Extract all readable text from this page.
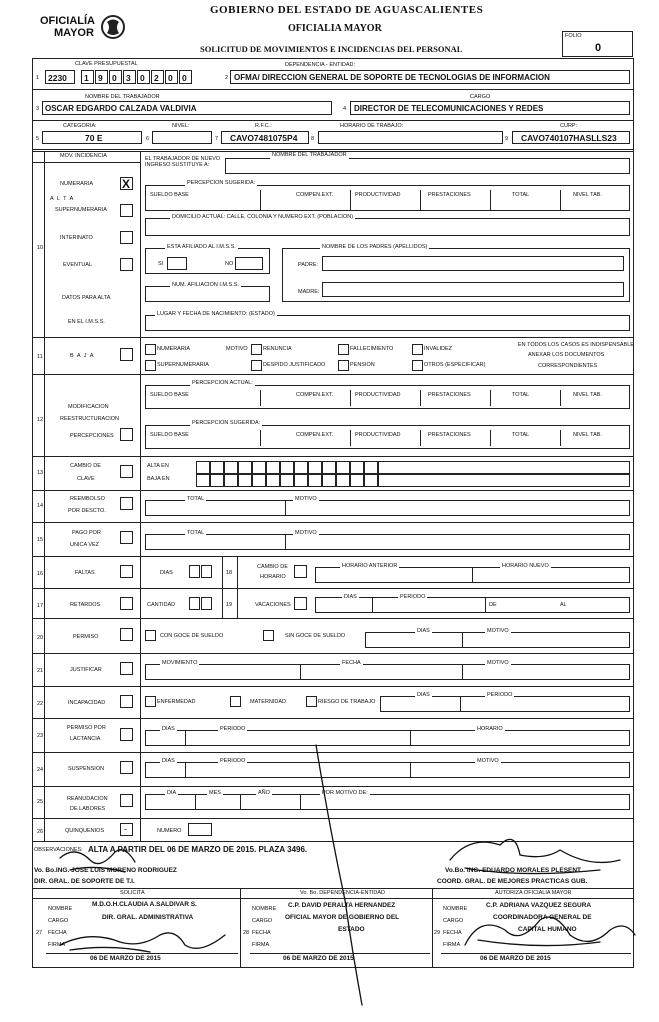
OFICIALÍA
MAYOR
GOBIERNO DEL ESTADO DE AGUASCALIENTES
OFICIALIA MAYOR
SOLICITUD DE MOVIMIENTOS E INCIDENCIAS DEL PERSONAL
FOLIO
0
1
CLAVE PRESUPUESTAL
2230 1 9 0 3 0 2 0 0	2
DEPENDENCIA - ENTIDAD:
OFMA/ DIRECCION GENERAL DE SOPORTE DE TECNOLOGIAS DE INFORMACION
3
NOMBRE DEL TRABAJADOR
OSCAR EDGARDO CALZADA VALDIVIA	4
CARGO
DIRECTOR DE TELECOMUNICACIONES Y REDES
5
CATEGORIA:
70 E	6
NIVEL:
7
R.F.C.:
CAVO7481075P4 8
HORARIO DE TRABAJO:
9
CURP:
CAVO740107HASLLS23
MOV. INCIDENCIA
10
NUMERARIA X
A L T A
SUPERNUMERARIA
INTERINATO
EVENTUAL
DATOS PARA ALTA
EN EL I.M.S.S.
EL TRABAJADOR DE NUEVO INGRESO SUSTITUYE A:
NOMBRE DEL TRABAJADOR
PERCEPCION SUGERIDA:
SUELDO BASE	COMPEN.EXT.	PRODUCTIVIDAD	PRESTACIONES	TOTAL	NIVEL TAB.
DOMICILIO ACTUAL: CALLE, COLONIA Y NUMERO EXT. (POBLACION)
ESTA AFILIADO AL I.M.S.S.
SI	NO
NOMBRE DE LOS PADRES (APELLIDOS)
PADRE:
MADRE:
NUM. AFILIACION I.M.S.S.
LUGAR Y FECHA DE NACIMIENTO: (ESTADO)
11	B A J A
NUMERARIA	MOTIVO	RENUNCIA	FALLECIMIENTO	INVALIDEZ
SUPERNUMERARIA	DESPIDO JUSTIFICADO	PENSION	OTROS (ESPECIFICAR)
EN TODOS LOS CASOS ES INDISPENSABLE
ANEXAR LOS DOCUMENTOS
CORRESPONDIENTES
12
MODIFICACION
REESTRUCTURACION
PERCEPCIONES
PERCEPCION ACTUAL:
PERCEPCION SUGERIDA:
SUELDO BASE	COMPEN.EXT.	PRODUCTIVIDAD	PRESTACIONES	TOTAL	NIVEL TAB.
SUELDO BASE	COMPEN.EXT.	PRODUCTIVIDAD	PRESTACIONES	TOTAL	NIVEL TAB.
13
CAMBIO DE
CLAVE
ALTA EN
BAJA EN
14
REEMBOLSO
POR DESCTO.
TOTAL	MOTIVO
15
PAGO POR
UNICA VEZ
TOTAL	MOTIVO
16	FALTAS	DIAS	18
CAMBIO DE
HORARIO
HORARIO ANTERIOR	HORARIO NUEVO
17	RETARDOS	CANTIDAD	19	VACACIONES
DIAS	PERIODO
DE	AL
20	PERMISO	CON GOCE DE SUELDO	SIN GOCE DE SUELDO
DIAS	MOTIVO
21	JUSTIFICAR
MOVIMIENTO	FECHA	MOTIVO
22	INCAPACIDAD	ENFERMEDAD	MATERNIDAD	RIESGO DE TRABAJO
DIAS	PERIODO
23
PERMISO POR
LACTANCIA
DIAS	PERIODO	HORARIO
24	SUSPENSION
DIAS	PERIODO	MOTIVO
25	REANUDACION
DE LABORES
DIA	MES	AÑO	POR MOTIVO DE:
26	QUINQUENIOS -	NUMERO
OBSERVACIONES: ALTA A PARTIR DEL 06 DE MARZO DE 2015. PLAZA 3496.
Vo. Bo.ING. JOSE LUIS MORENO RODRIGUEZ
DIR. GRAL. DE SOPORTE DE T.I.
Vo.Bo. ING. EDUARDO MORALES PLESENT
COORD. GRAL. DE MEJORES PRACTICAS GUB.
SOLICITA
NOMBRE
M.D.O.H.CLAUDIA A.SALDIVAR S.
CARGO	DIR. GRAL. ADMINISTRATIVA
27 FECHA
FIRMA
06 DE MARZO DE 2015
Vo. Bo. DEPENDENCIA-ENTIDAD
NOMBRE C.P. DAVID PERALTA HERNANDEZ
CARGO OFICIAL MAYOR DE GOBIERNO DEL
ESTADO
28 FECHA
FIRMA
06 DE MARZO DE 2015
AUTORIZA OFICIALIA MAYOR
NOMBRE	C.P. ADRIANA VAZQUEZ SEGURA
CARGO	COORDINADORA GENERAL DE
CAPITAL HUMANO
29 FECHA
FIRMA
06 DE MARZO DE 2015
